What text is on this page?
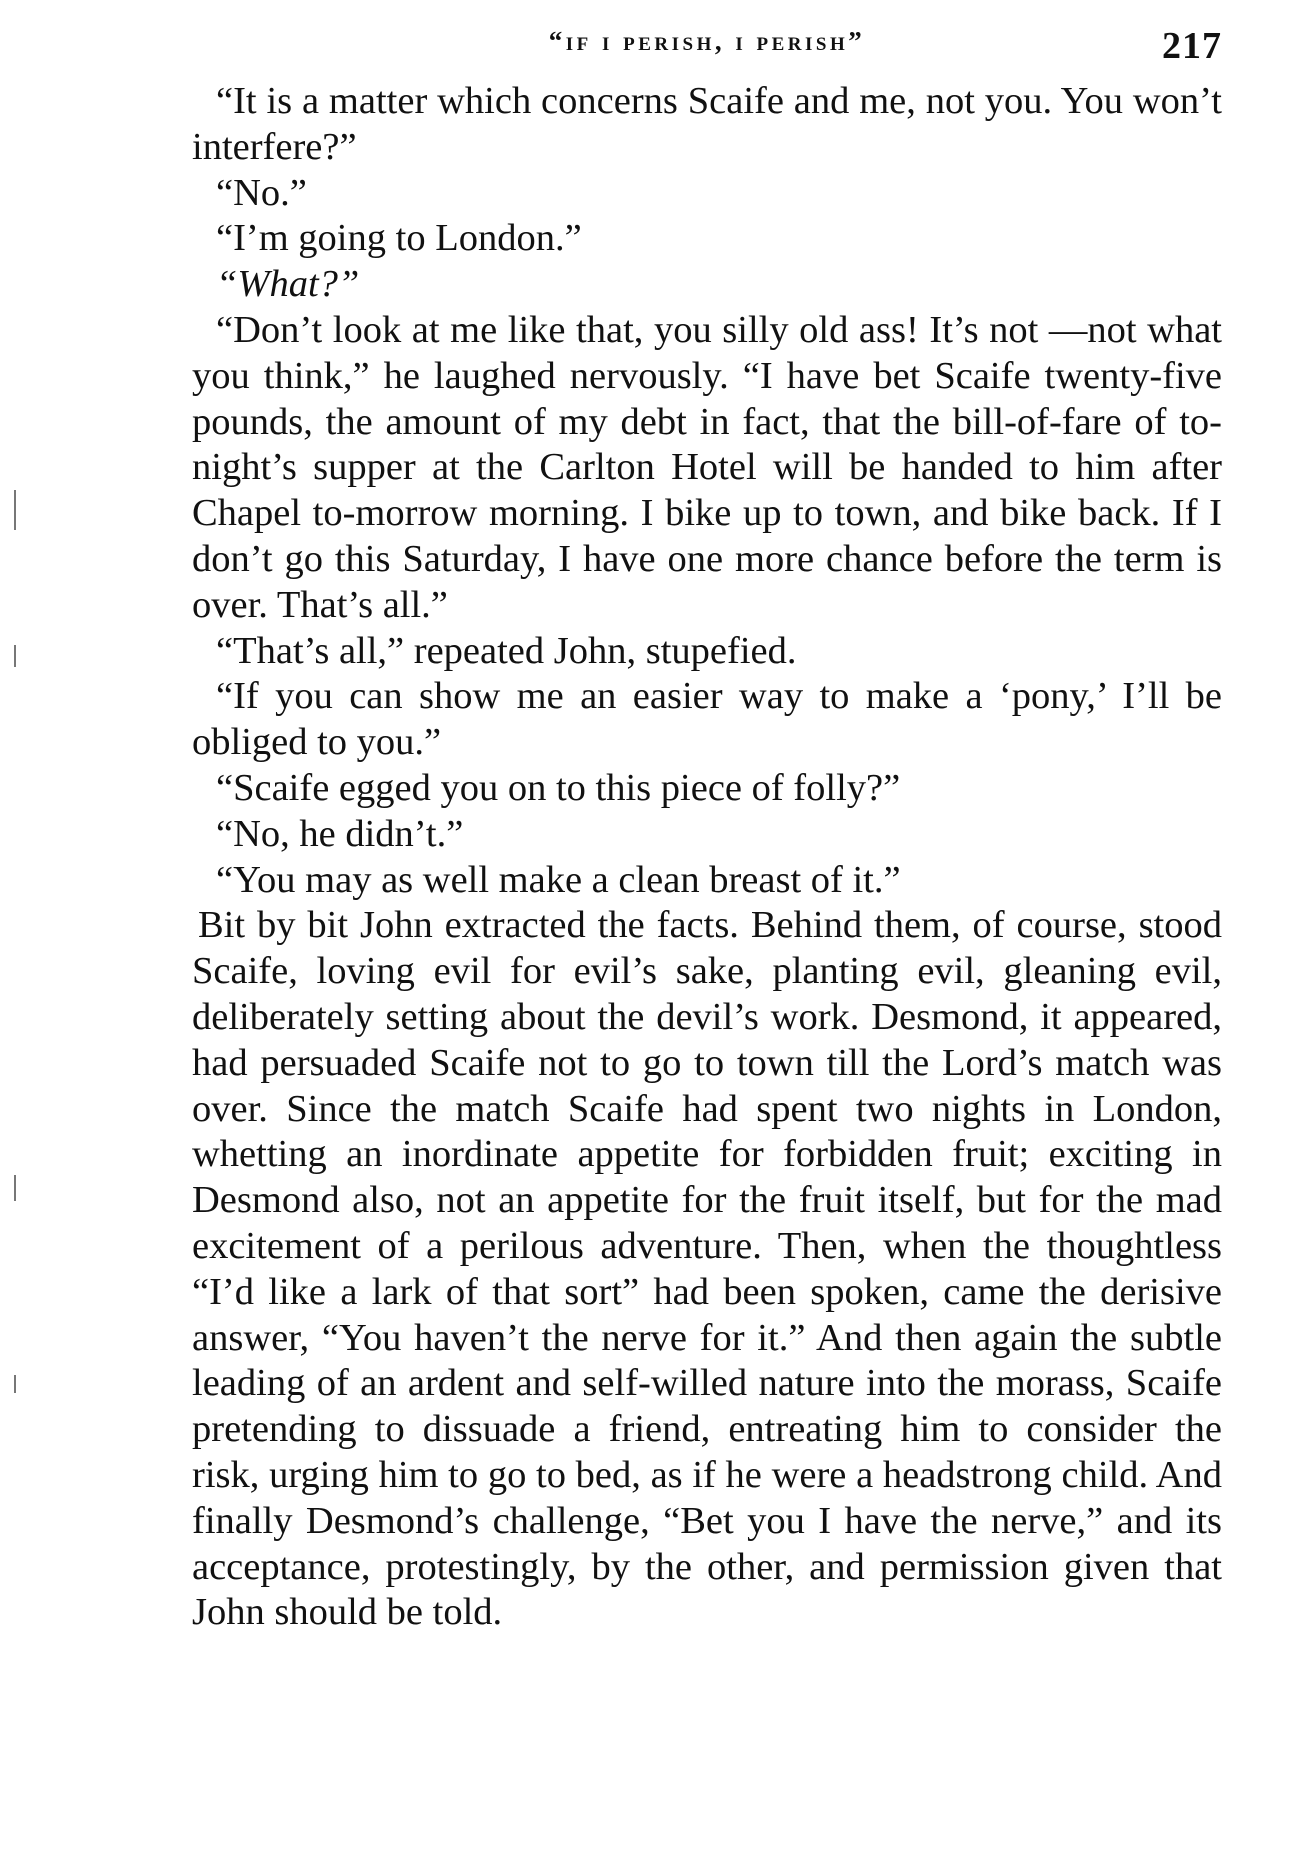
“if i perish, i perish”	217

“It is a matter which concerns Scaife and me, not you. You won’t interfere?”

“No.”

“I’m going to London.”

“What?”

“Don’t look at me like that, you silly old ass! It’s not —not what you think,” he laughed nervously. “I have bet Scaife twenty-five pounds, the amount of my debt in fact, that the bill-of-fare of to-night’s supper at the Carlton Hotel will be handed to him after Chapel to-morrow morning. I bike up to town, and bike back. If I don’t go this Saturday, I have one more chance before the term is over. That’s all.”

“That’s all,” repeated John, stupefied.

“If you can show me an easier way to make a ‘pony,’ I’ll be obliged to you.”

“Scaife egged you on to this piece of folly?”

“No, he didn’t.”

“You may as well make a clean breast of it.”

Bit by bit John extracted the facts. Behind them, of course, stood Scaife, loving evil for evil’s sake, planting evil, gleaning evil, deliberately setting about the devil’s work. Desmond, it appeared, had persuaded Scaife not to go to town till the Lord’s match was over. Since the match Scaife had spent two nights in London, whetting an inordinate appetite for forbidden fruit; exciting in Desmond also, not an appetite for the fruit itself, but for the mad excitement of a perilous adventure. Then, when the thoughtless “I’d like a lark of that sort” had been spoken, came the derisive answer, “You haven’t the nerve for it.” And then again the subtle leading of an ardent and self-willed nature into the morass, Scaife pretending to dissuade a friend, entreating him to consider the risk, urging him to go to bed, as if he were a headstrong child. And finally Desmond’s challenge, “Bet you I have the nerve,” and its acceptance, protestingly, by the other, and permission given that John should be told.
